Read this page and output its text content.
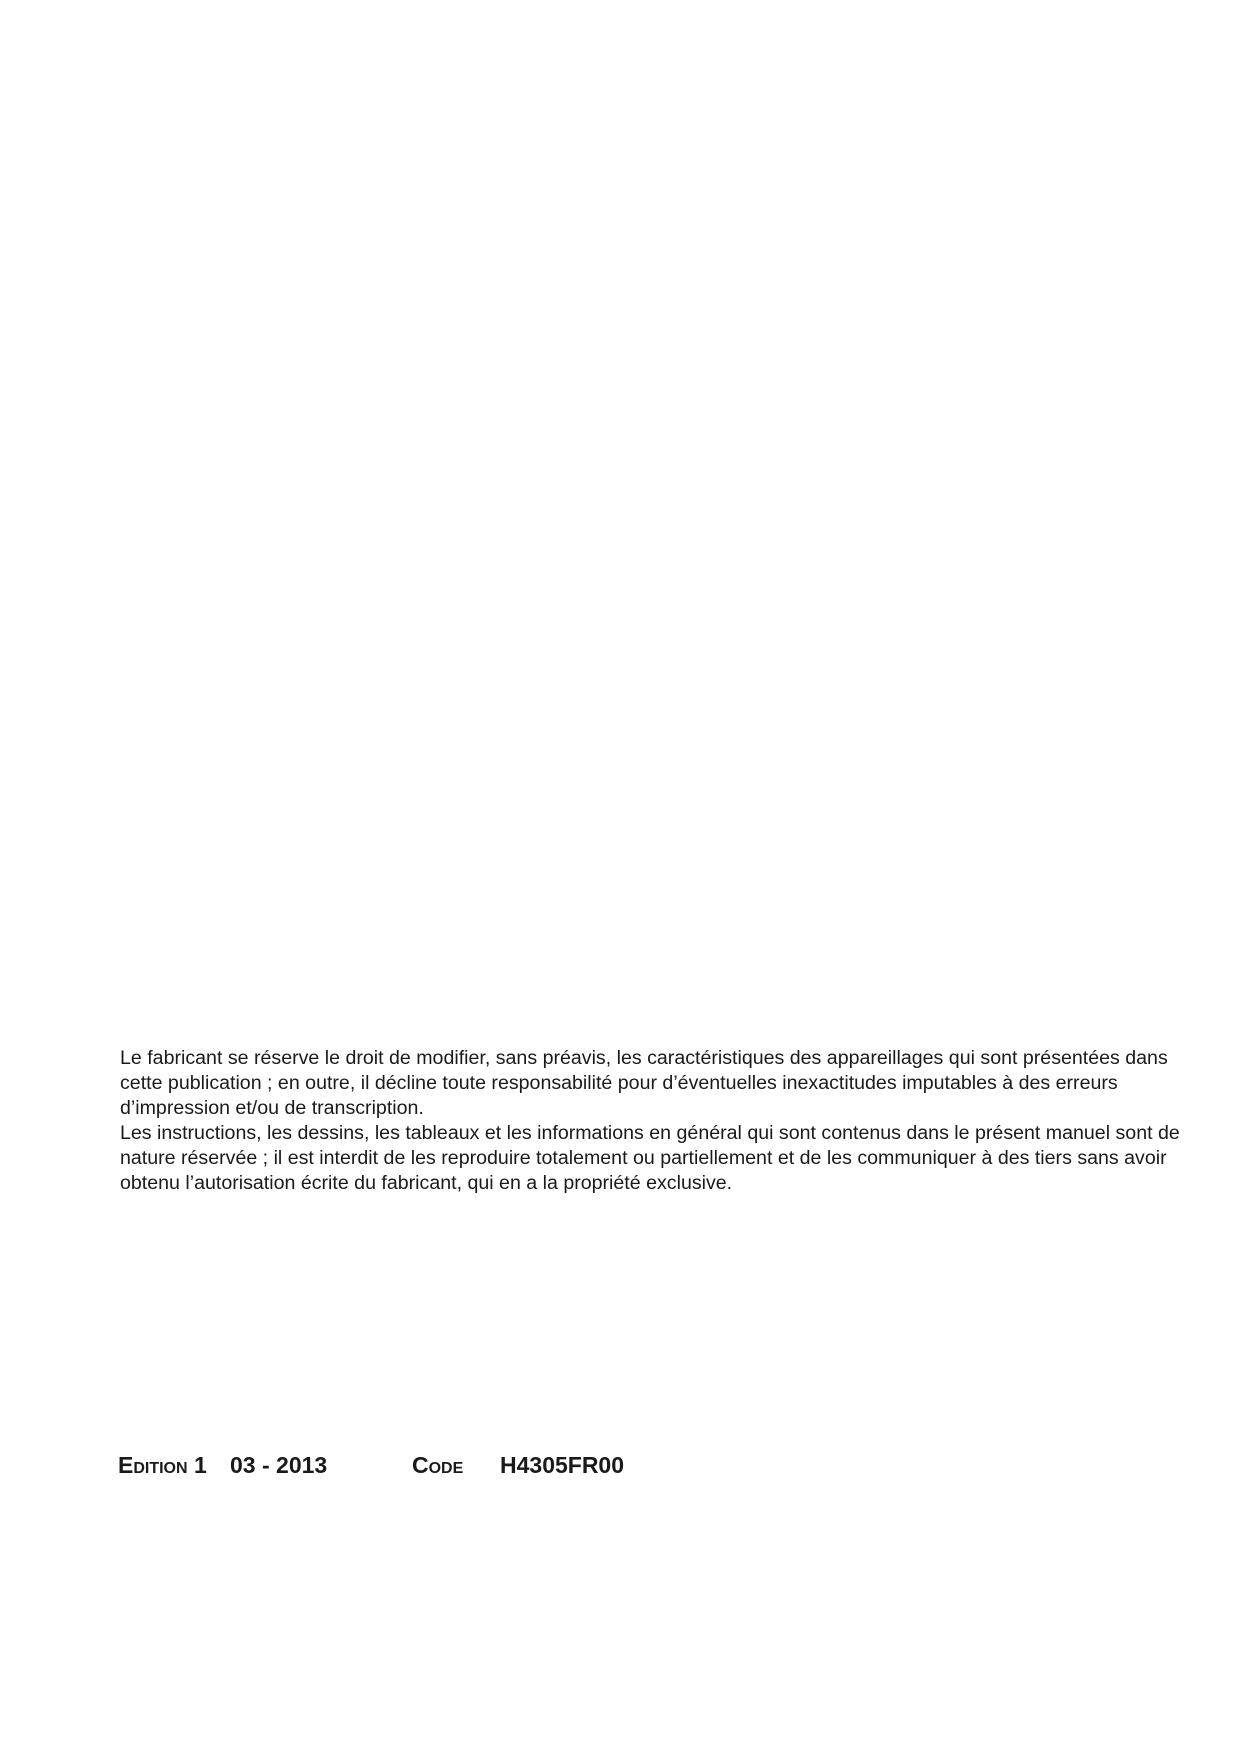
Le fabricant se réserve le droit de modifier, sans préavis, les caractéristiques des appareillages qui sont présentées dans cette publication ; en outre, il décline toute responsabilité pour d’éventuelles inexactitudes imputables à des erreurs d’impression et/ou de transcription.

Les instructions, les dessins, les tableaux et les informations en général qui sont contenus dans le présent manuel sont de nature réservée ; il est interdit de les reproduire totalement ou partiellement et de les communiquer à des tiers sans avoir obtenu l’autorisation écrite du fabricant, qui en a la propriété exclusive.

Edition 1 03 - 2013	Code H4305FR00
